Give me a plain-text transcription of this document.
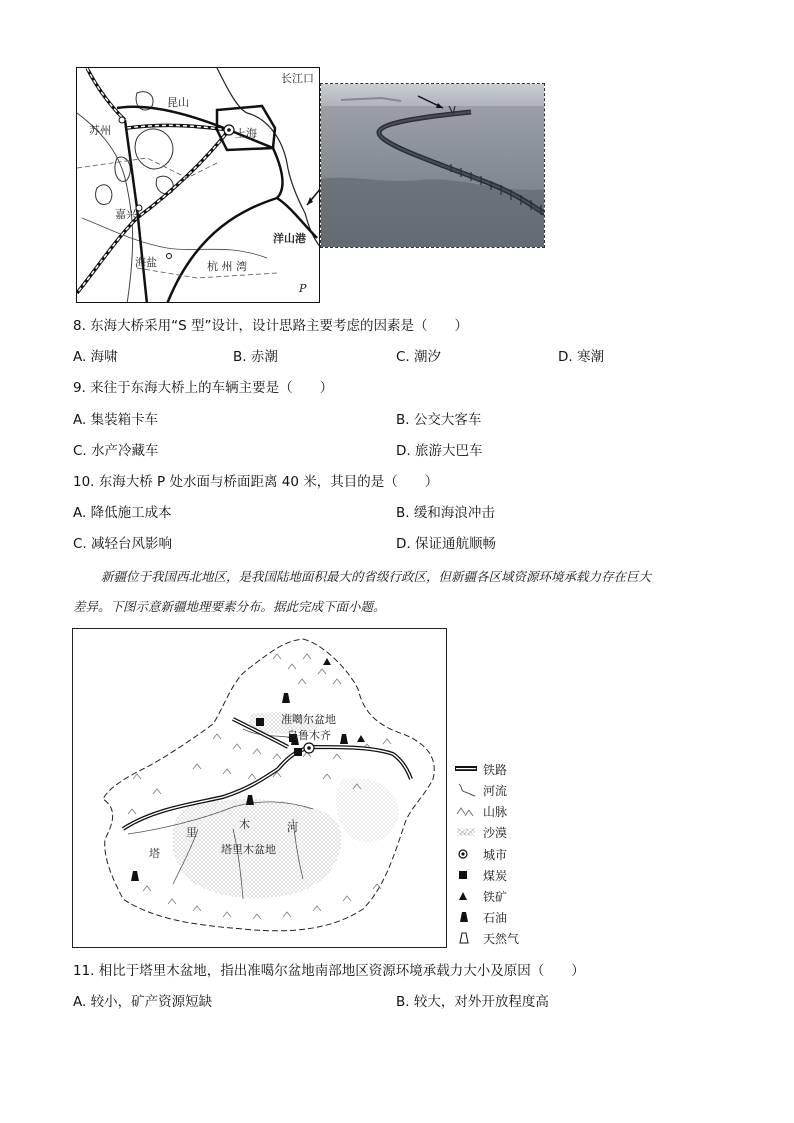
长江口
昆山
苏州	上海
嘉兴
海盐	杭 州 湾
洋山港
P
8. 东海大桥采用“S 型”设计，设计思路主要考虑的因素是（　　）
A. 海啸	B. 赤潮	C. 潮汐	D. 寒潮
9. 来往于东海大桥上的车辆主要是（　　）
A. 集装箱卡车	B. 公交大客车
C. 水产冷藏车	D. 旅游大巴车
10. 东海大桥 P 处水面与桥面距离 40 米，其目的是（　　）
A. 降低施工成本	B. 缓和海浪冲击
C. 减轻台风影响	D. 保证通航顺畅
新疆位于我国西北地区，是我国陆地面积最大的省级行政区，但新疆各区域资源环境承载力存在巨大
差异。下图示意新疆地理要素分布。据此完成下面小题。
准噶尔盆地
乌鲁木齐
塔里木盆地
塔
里
木	河
铁路
河流
山脉
沙漠
城市
煤炭
铁矿
石油
天然气
11. 相比于塔里木盆地，指出准噶尔盆地南部地区资源环境承载力大小及原因（　　）
A. 较小，矿产资源短缺	B. 较大，对外开放程度高
